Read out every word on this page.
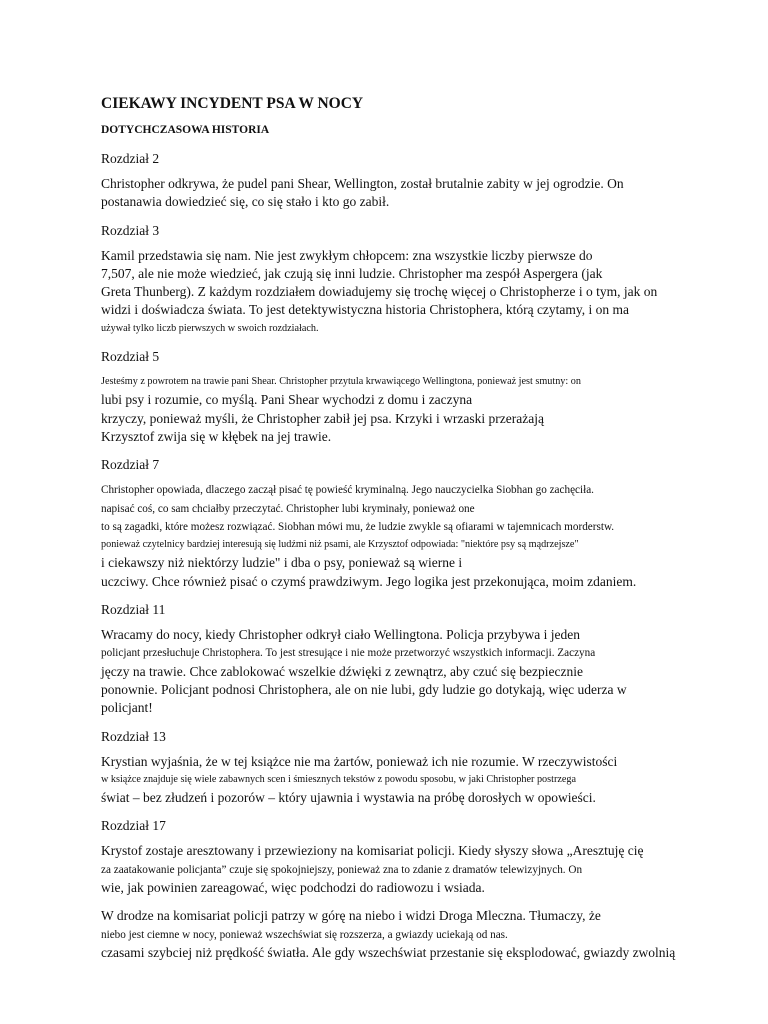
CIEKAWY INCYDENT PSA W NOCY
DOTYCHCZASOWA HISTORIA
Rozdział 2
Christopher odkrywa, że pudel pani Shear, Wellington, został brutalnie zabity w jej ogrodzie. On
postanawia dowiedzieć się, co się stało i kto go zabił.
Rozdział 3
Kamil przedstawia się nam. Nie jest zwykłym chłopcem: zna wszystkie liczby pierwsze do
7,507, ale nie może wiedzieć, jak czują się inni ludzie. Christopher ma zespół Aspergera (jak
Greta Thunberg). Z każdym rozdziałem dowiadujemy się trochę więcej o Christopherze i o tym, jak on
widzi i doświadcza świata. To jest detektywistyczna historia Christophera, którą czytamy, i on ma
używał tylko liczb pierwszych w swoich rozdziałach.
Rozdział 5
Jesteśmy z powrotem na trawie pani Shear. Christopher przytula krwawiącego Wellingtona, ponieważ jest smutny: on
lubi psy i rozumie, co myślą. Pani Shear wychodzi z domu i zaczyna
krzyczy, ponieważ myśli, że Christopher zabił jej psa. Krzyki i wrzaski przerażają
Krzysztof zwija się w kłębek na jej trawie.
Rozdział 7
Christopher opowiada, dlaczego zaczął pisać tę powieść kryminalną. Jego nauczycielka Siobhan go zachęciła.
napisać coś, co sam chciałby przeczytać. Christopher lubi kryminały, ponieważ one
to są zagadki, które możesz rozwiązać. Siobhan mówi mu, że ludzie zwykle są ofiarami w tajemnicach morderstw.
ponieważ czytelnicy bardziej interesują się ludźmi niż psami, ale Krzysztof odpowiada: "niektóre psy są mądrzejsze"
i ciekawszy niż niektórzy ludzie" i dba o psy, ponieważ są wierne i
uczciwy. Chce również pisać o czymś prawdziwym. Jego logika jest przekonująca, moim zdaniem.
Rozdział 11
Wracamy do nocy, kiedy Christopher odkrył ciało Wellingtona. Policja przybywa i jeden
policjant przesłuchuje Christophera. To jest stresujące i nie może przetworzyć wszystkich informacji. Zaczyna
jęczy na trawie. Chce zablokować wszelkie dźwięki z zewnątrz, aby czuć się bezpiecznie
ponownie. Policjant podnosi Christophera, ale on nie lubi, gdy ludzie go dotykają, więc uderza w
policjant!
Rozdział 13
Krystian wyjaśnia, że w tej książce nie ma żartów, ponieważ ich nie rozumie. W rzeczywistości
w książce znajduje się wiele zabawnych scen i śmiesznych tekstów z powodu sposobu, w jaki Christopher postrzega
świat – bez złudzeń i pozorów – który ujawnia i wystawia na próbę dorosłych w opowieści.
Rozdział 17
Krystof zostaje aresztowany i przewieziony na komisariat policji. Kiedy słyszy słowa „Aresztuję cię
za zaatakowanie policjanta” czuje się spokojniejszy, ponieważ zna to zdanie z dramatów telewizyjnych. On
wie, jak powinien zareagować, więc podchodzi do radiowozu i wsiada.
W drodze na komisariat policji patrzy w górę na niebo i widzi Droga Mleczna. Tłumaczy, że
niebo jest ciemne w nocy, ponieważ wszechświat się rozszerza, a gwiazdy uciekają od nas.
czasami szybciej niż prędkość światła. Ale gdy wszechświat przestanie się eksplodować, gwiazdy zwolnią
